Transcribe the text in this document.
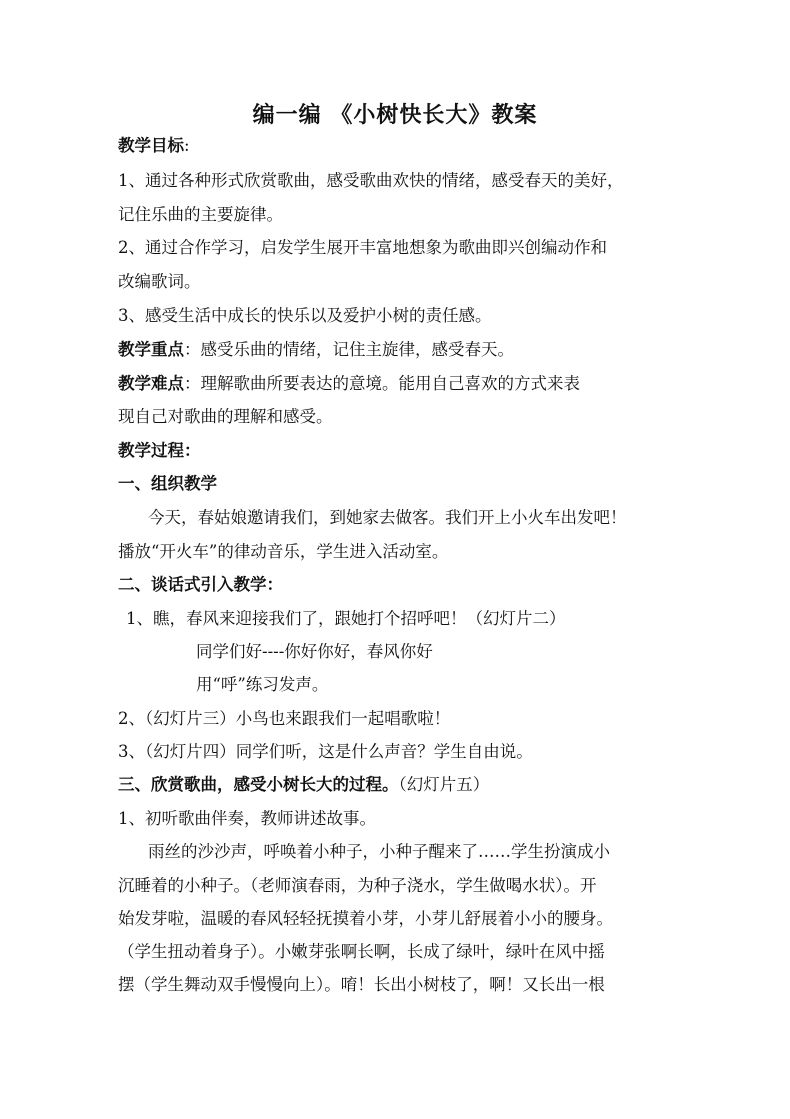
编一编 《小树快长大》教案
教学目标:
1、通过各种形式欣赏歌曲，感受歌曲欢快的情绪，感受春天的美好，
记住乐曲的主要旋律。
2、通过合作学习，启发学生展开丰富地想象为歌曲即兴创编动作和
改编歌词。
3、感受生活中成长的快乐以及爱护小树的责任感。
教学重点：感受乐曲的情绪，记住主旋律，感受春天。
教学难点：理解歌曲所要表达的意境。能用自己喜欢的方式来表
现自己对歌曲的理解和感受。
教学过程：
一、组织教学
今天，春姑娘邀请我们，到她家去做客。我们开上小火车出发吧！
播放“开火车”的律动音乐，学生进入活动室。
二、谈话式引入教学：
1、瞧，春风来迎接我们了，跟她打个招呼吧！（幻灯片二）
同学们好----你好你好，春风你好
用“呼”练习发声。
2、（幻灯片三）小鸟也来跟我们一起唱歌啦！
3、（幻灯片四）同学们听，这是什么声音？学生自由说。
三、欣赏歌曲，感受小树长大的过程。（幻灯片五）
1、初听歌曲伴奏，教师讲述故事。
雨丝的沙沙声，呼唤着小种子，小种子醒来了……学生扮演成小
沉睡着的小种子。（老师演春雨，为种子浇水，学生做喝水状）。开
始发芽啦，温暖的春风轻轻抚摸着小芽，小芽儿舒展着小小的腰身。
（学生扭动着身子）。小嫩芽张啊长啊，长成了绿叶，绿叶在风中摇
摆（学生舞动双手慢慢向上）。唷！长出小树枝了，啊！又长出一根
